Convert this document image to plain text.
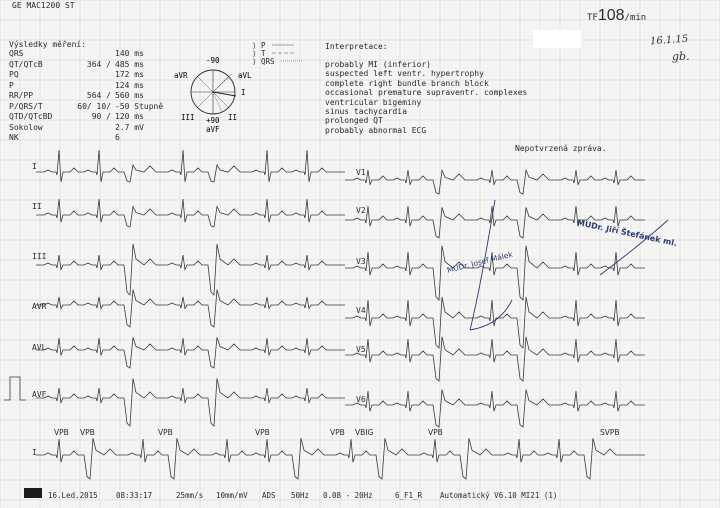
GE MAC1200 ST
TF108/min
16.1.15
gb.
Výsledky měření:
QRS	140 ms
QT/QTcB	364 / 485 ms
PQ	172 ms
P	124 ms
RR/PP	564 / 560 ms
P/QRS/T	60/ 10/ -50 Stupně
QTD/QTcBD	90 / 120 ms
Sokolow	2.7 mV
NK	6
-90
aVR	aVL
I
III	II
+90
aVF
⟩ P
⟩ T
⟩ QRS
Interpretace:
probably MI (inferior)
suspected left ventr. hypertrophy
complete right bundle branch block
occasional premature supraventr. complexes
ventricular bigeminy
sinus tachycardia
prolonged QT
probably abnormal ECG
Nepotvrzená zpráva.
I
II
III
AVR
AVL
AVF
V1
V2
V3
V4
V5
V6
I
VPB VPB	VPB	VPB	VPB VBIG	VPB	SVPB
MUDr. Josef Málek
MUDr. Jiří Štefánek ml.
16.Led.2015 08:33:17	25mm/s 10mm/mV ADS 50Hz 0.08 - 20Hz	6_F1_R Automatický V6.10 MI21 (1)
